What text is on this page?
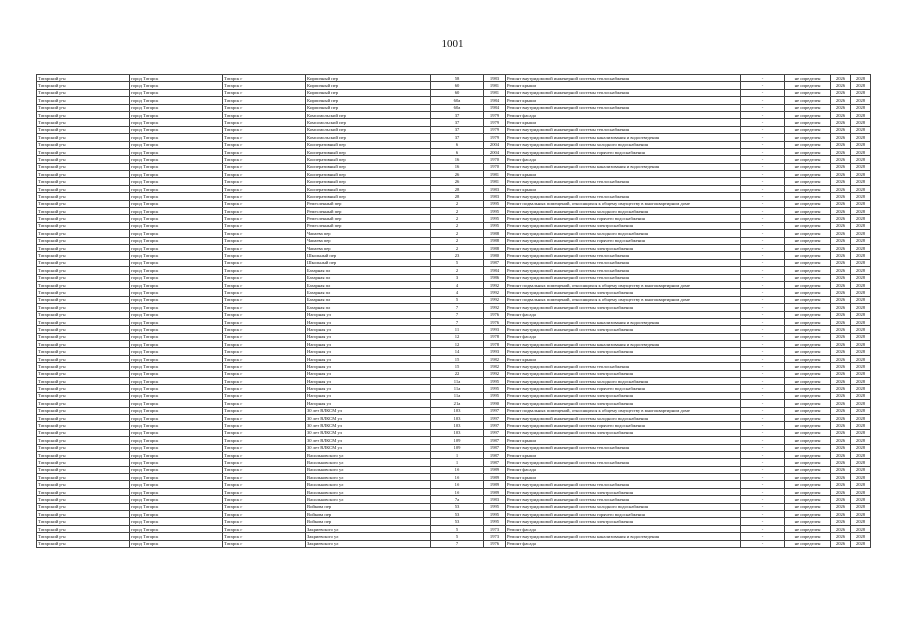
1001
Татарский р-н	город Татарск	Татарск г	Кирпичный пер	58	1983	Ремонт внутридомовой инженерной системы теплоснабжения	-	не определен	2026	2028
Татарский р-н	город Татарск	Татарск г	Кирпичный пер	60	1981	Ремонт крыши	-	не определен	2026	2028
Татарский р-н	город Татарск	Татарск г	Кирпичный пер	60	1981	Ремонт внутридомовой инженерной системы теплоснабжения	-	не определен	2026	2028
Татарский р-н	город Татарск	Татарск г	Кирпичный пер	60а	1984	Ремонт крыши	-	не определен	2026	2028
Татарский р-н	город Татарск	Татарск г	Кирпичный пер	60а	1984	Ремонт внутридомовой инженерной системы теплоснабжения	-	не определен	2026	2028
Татарский р-н	город Татарск	Татарск г	Комсомольский пер	37	1979	Ремонт фасада	-	не определен	2026	2028
Татарский р-н	город Татарск	Татарск г	Комсомольский пер	37	1979	Ремонт крыши	-	не определен	2026	2028
Татарский р-н	город Татарск	Татарск г	Комсомольский пер	37	1979	Ремонт внутридомовой инженерной системы теплоснабжения	-	не определен	2026	2028
Татарский р-н	город Татарск	Татарск г	Комсомольский пер	37	1979	Ремонт внутридомовой инженерной системы канализования и водоотведения	-	не определен	2026	2028
Татарский р-н	город Татарск	Татарск г	Кооперативный пер	6	2004	Ремонт внутридомовой инженерной системы холодного водоснабжения	-	не определен	2026	2028
Татарский р-н	город Татарск	Татарск г	Кооперативный пер	6	2004	Ремонт внутридомовой инженерной системы горячего водоснабжения	-	не определен	2026	2028
Татарский р-н	город Татарск	Татарск г	Кооперативный пер	16	1970	Ремонт фасада	-	не определен	2026	2028
Татарский р-н	город Татарск	Татарск г	Кооперативный пер	16	1970	Ремонт внутридомовой инженерной системы канализования и водоотведения	-	не определен	2026	2028
Татарский р-н	город Татарск	Татарск г	Кооперативный пер	26	1981	Ремонт крыши	-	не определен	2026	2028
Татарский р-н	город Татарск	Татарск г	Кооперативный пер	26	1981	Ремонт внутридомовой инженерной системы теплоснабжения	-	не определен	2026	2028
Татарский р-н	город Татарск	Татарск г	Кооперативный пер	28	1983	Ремонт крыши	-	не определен	2026	2028
Татарский р-н	город Татарск	Татарск г	Кооперативный пер	28	1983	Ремонт внутридомовой инженерной системы теплоснабжения	-	не определен	2026	2028
Татарский р-н	город Татарск	Татарск г	Ремесленный пер	2	1995	Ремонт подвальных помещений, относящихся к общему имуществу в многоквартирном доме	-	не определен	2026	2028
Татарский р-н	город Татарск	Татарск г	Ремесленный пер	2	1995	Ремонт внутридомовой инженерной системы холодного водоснабжения	-	не определен	2026	2028
Татарский р-н	город Татарск	Татарск г	Ремесленный пер	2	1995	Ремонт внутридомовой инженерной системы горячего водоснабжения	-	не определен	2026	2028
Татарский р-н	город Татарск	Татарск г	Ремесленный пер	2	1995	Ремонт внутридомовой инженерной системы электроснабжения	-	не определен	2026	2028
Татарский р-н	город Татарск	Татарск г	Чапаева пер	2	1988	Ремонт внутридомовой инженерной системы холодного водоснабжения	-	не определен	2026	2028
Татарский р-н	город Татарск	Татарск г	Чапаева пер	2	1988	Ремонт внутридомовой инженерной системы горячего водоснабжения	-	не определен	2026	2028
Татарский р-н	город Татарск	Татарск г	Чапаева пер	2	1988	Ремонт внутридомовой инженерной системы электроснабжения	-	не определен	2026	2028
Татарский р-н	город Татарск	Татарск г	Школьный пер	23	1980	Ремонт внутридомовой инженерной системы теплоснабжения	-	не определен	2026	2028
Татарский р-н	город Татарск	Татарск г	Школьный пер	5	1987	Ремонт внутридомовой инженерной системы теплоснабжения	-	не определен	2026	2028
Татарский р-н	город Татарск	Татарск г	Базарная пл	2	1984	Ремонт внутридомовой инженерной системы теплоснабжения	-	не определен	2026	2028
Татарский р-н	город Татарск	Татарск г	Базарная пл	3	1986	Ремонт внутридомовой инженерной системы теплоснабжения	-	не определен	2026	2028
Татарский р-н	город Татарск	Татарск г	Базарная пл	4	1992	Ремонт подвальных помещений, относящихся к общему имуществу в многоквартирном доме	-	не определен	2026	2028
Татарский р-н	город Татарск	Татарск г	Базарная пл	4	1992	Ремонт внутридомовой инженерной системы электроснабжения	-	не определен	2026	2028
Татарский р-н	город Татарск	Татарск г	Базарная пл	5	1992	Ремонт подвальных помещений, относящихся к общему имуществу в многоквартирном доме	-	не определен	2026	2028
Татарский р-н	город Татарск	Татарск г	Базарная пл	7	1992	Ремонт внутридомовой инженерной системы электроснабжения	-	не определен	2026	2028
Татарский р-н	город Татарск	Татарск г	Нагорная ул	7	1976	Ремонт фасада	-	не определен	2026	2028
Татарский р-н	город Татарск	Татарск г	Нагорная ул	7	1976	Ремонт внутридомовой инженерной системы канализования и водоотведения	-	не определен	2026	2028
Татарский р-н	город Татарск	Татарск г	Нагорная ул	11	1993	Ремонт внутридомовой инженерной системы электроснабжения	-	не определен	2026	2028
Татарский р-н	город Татарск	Татарск г	Нагорная ул	12	1978	Ремонт фасада	-	не определен	2026	2028
Татарский р-н	город Татарск	Татарск г	Нагорная ул	12	1978	Ремонт внутридомовой инженерной системы канализования и водоотведения	-	не определен	2026	2028
Татарский р-н	город Татарск	Татарск г	Нагорная ул	14	1993	Ремонт внутридомовой инженерной системы электроснабжения	-	не определен	2026	2028
Татарский р-н	город Татарск	Татарск г	Нагорная ул	15	1982	Ремонт крыши	-	не определен	2026	2028
Татарский р-н	город Татарск	Татарск г	Нагорная ул	15	1982	Ремонт внутридомовой инженерной системы теплоснабжения	-	не определен	2026	2028
Татарский р-н	город Татарск	Татарск г	Нагорная ул	22	1992	Ремонт внутридомовой инженерной системы электроснабжения	-	не определен	2026	2028
Татарский р-н	город Татарск	Татарск г	Нагорная ул	11а	1995	Ремонт внутридомовой инженерной системы холодного водоснабжения	-	не определен	2026	2028
Татарский р-н	город Татарск	Татарск г	Нагорная ул	11а	1995	Ремонт внутридомовой инженерной системы горячего водоснабжения	-	не определен	2026	2028
Татарский р-н	город Татарск	Татарск г	Нагорная ул	11а	1995	Ремонт внутридомовой инженерной системы электроснабжения	-	не определен	2026	2028
Татарский р-н	город Татарск	Татарск г	Нагорная ул	21а	1990	Ремонт внутридомовой инженерной системы электроснабжения	-	не определен	2026	2028
Татарский р-н	город Татарск	Татарск г	30 лет ВЛКСМ ул	103	1997	Ремонт подвальных помещений, относящихся к общему имуществу в многоквартирном доме	-	не определен	2026	2028
Татарский р-н	город Татарск	Татарск г	30 лет ВЛКСМ ул	103	1997	Ремонт внутридомовой инженерной системы холодного водоснабжения	-	не определен	2026	2028
Татарский р-н	город Татарск	Татарск г	30 лет ВЛКСМ ул	103	1997	Ремонт внутридомовой инженерной системы горячего водоснабжения	-	не определен	2026	2028
Татарский р-н	город Татарск	Татарск г	30 лет ВЛКСМ ул	103	1997	Ремонт внутридомовой инженерной системы электроснабжения	-	не определен	2026	2028
Татарский р-н	город Татарск	Татарск г	30 лет ВЛКСМ ул	109	1987	Ремонт крыши	-	не определен	2026	2028
Татарский р-н	город Татарск	Татарск г	30 лет ВЛКСМ ул	109	1987	Ремонт внутридомовой инженерной системы теплоснабжения	-	не определен	2026	2028
Татарский р-н	город Татарск	Татарск г	Васильковского ул	1	1987	Ремонт крыши	-	не определен	2026	2028
Татарский р-н	город Татарск	Татарск г	Васильковского ул	1	1987	Ремонт внутридомовой инженерной системы теплоснабжения	-	не определен	2026	2028
Татарский р-н	город Татарск	Татарск г	Васильковского ул	1б	1989	Ремонт фасада	-	не определен	2026	2028
Татарский р-н	город Татарск	Татарск г	Васильковского ул	1б	1989	Ремонт крыши	-	не определен	2026	2028
Татарский р-н	город Татарск	Татарск г	Васильковского ул	1б	1989	Ремонт внутридомовой инженерной системы теплоснабжения	-	не определен	2026	2028
Татарский р-н	город Татарск	Татарск г	Васильковского ул	1б	1989	Ремонт внутридомовой инженерной системы электроснабжения	-	не определен	2026	2028
Татарский р-н	город Татарск	Татарск г	Васильковского ул	7а	1983	Ремонт внутридомовой инженерной системы теплоснабжения	-	не определен	2026	2028
Татарский р-н	город Татарск	Татарск г	Войкова пер	53	1995	Ремонт внутридомовой инженерной системы холодного водоснабжения	-	не определен	2026	2028
Татарский р-н	город Татарск	Татарск г	Войкова пер	53	1995	Ремонт внутридомовой инженерной системы горячего водоснабжения	-	не определен	2026	2028
Татарский р-н	город Татарск	Татарск г	Войкова пер	53	1995	Ремонт внутридомовой инженерной системы электроснабжения	-	не определен	2026	2028
Татарский р-н	город Татарск	Татарск г	Закриевского ул	5	1973	Ремонт фасада	-	не определен	2026	2028
Татарский р-н	город Татарск	Татарск г	Закриевского ул	5	1973	Ремонт внутридомовой инженерной системы канализования и водоотведения	-	не определен	2026	2028
Татарский р-н	город Татарск	Татарск г	Закриевского ул	7	1976	Ремонт фасада	-	не определен	2026	2028
